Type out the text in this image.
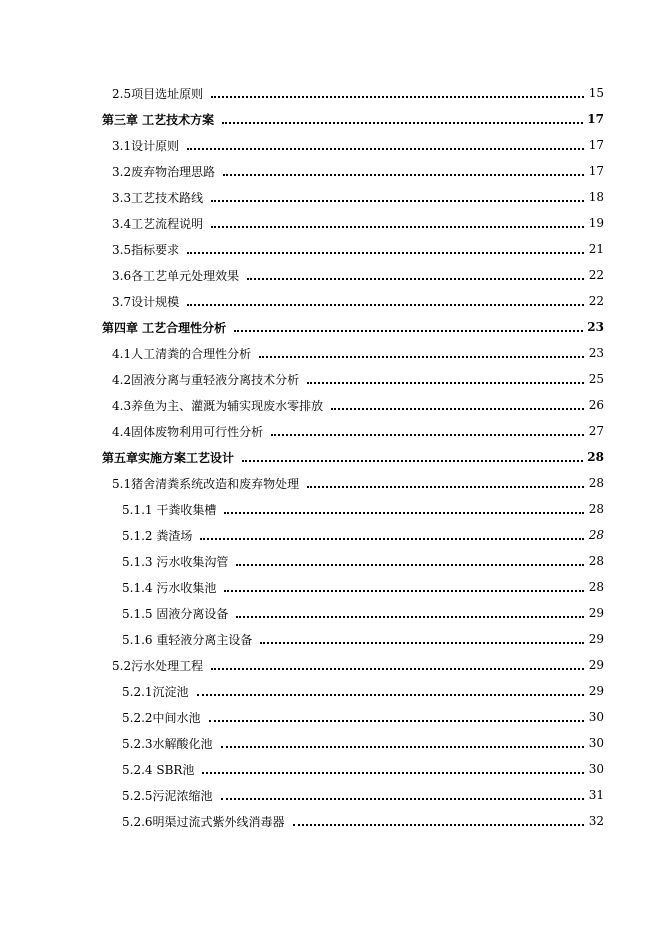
2.5项目选址原则	15
第三章 工艺技术方案	17
3.1设计原则	17
3.2废弃物治理思路	17
3.3工艺技术路线	18
3.4工艺流程说明	19
3.5指标要求	21
3.6各工艺单元处理效果	22
3.7设计规模	22
第四章 工艺合理性分析	23
4.1人工清粪的合理性分析	23
4.2固液分离与重轻液分离技术分析	25
4.3养鱼为主、灌溉为辅实现废水零排放	26
4.4固体废物利用可行性分析	27
第五章实施方案工艺设计	28
5.1猪舍清粪系统改造和废弃物处理	28
5.1.1 干粪收集槽	28
5.1.2 粪渣场	28
5.1.3 污水收集沟管	28
5.1.4 污水收集池	28
5.1.5 固液分离设备	29
5.1.6 重轻液分离主设备	29
5.2污水处理工程	29
5.2.1沉淀池	29
5.2.2中间水池	30
5.2.3水解酸化池	30
5.2.4 SBR池	30
5.2.5污泥浓缩池	31
5.2.6明渠过流式紫外线消毒器	32
